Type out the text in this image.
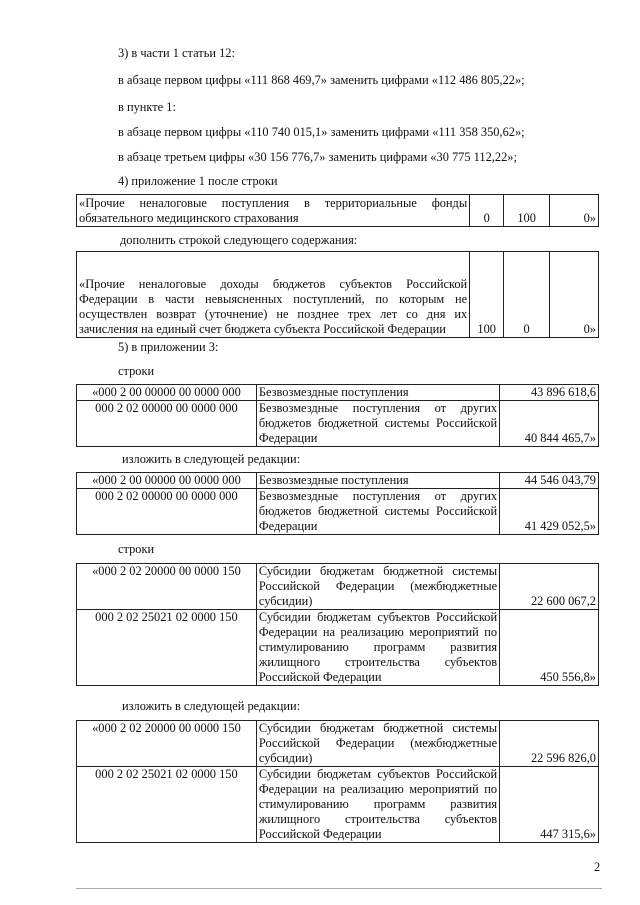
3) в части 1 статьи 12:

в абзаце первом цифры «111 868 469,7» заменить цифрами «112 486 805,22»;

в пункте 1:

в абзаце первом цифры «110 740 015,1» заменить цифрами «111 358 350,62»;

в абзаце третьем цифры «30 156 776,7» заменить цифрами «30 775 112,22»;

4) приложение 1 после строки

«Прочие неналоговые поступления в территориальные фонды обязательного медицинского страхования	0	100	0»

дополнить строкой следующего содержания:

«Прочие неналоговые доходы бюджетов субъектов Российской Федерации в части невыясненных поступлений, по которым не осуществлен возврат (уточнение) не позднее трех лет со дня их зачисления на единый счет бюджета субъекта Российской Федерации	100	0	0»

5) в приложении 3:

строки

«000 2 00 00000 00 0000 000	Безвозмездные поступления	43 896 618,6
000 2 02 00000 00 0000 000	Безвозмездные поступления от других бюджетов бюджетной системы Российской Федерации	40 844 465,7»

изложить в следующей редакции:

«000 2 00 00000 00 0000 000	Безвозмездные поступления	44 546 043,79
000 2 02 00000 00 0000 000	Безвозмездные поступления от других бюджетов бюджетной системы Российской Федерации	41 429 052,5»

строки

«000 2 02 20000 00 0000 150	Субсидии бюджетам бюджетной системы Российской Федерации (межбюджетные субсидии)	22 600 067,2
000 2 02 25021 02 0000 150	Субсидии бюджетам субъектов Российской Федерации на реализацию мероприятий по стимулированию программ развития жилищного строительства субъектов Российской Федерации	450 556,8»

изложить в следующей редакции:

«000 2 02 20000 00 0000 150	Субсидии бюджетам бюджетной системы Российской Федерации (межбюджетные субсидии)	22 596 826,0
000 2 02 25021 02 0000 150	Субсидии бюджетам субъектов Российской Федерации на реализацию мероприятий по стимулированию программ развития жилищного строительства субъектов Российской Федерации	447 315,6»
2
